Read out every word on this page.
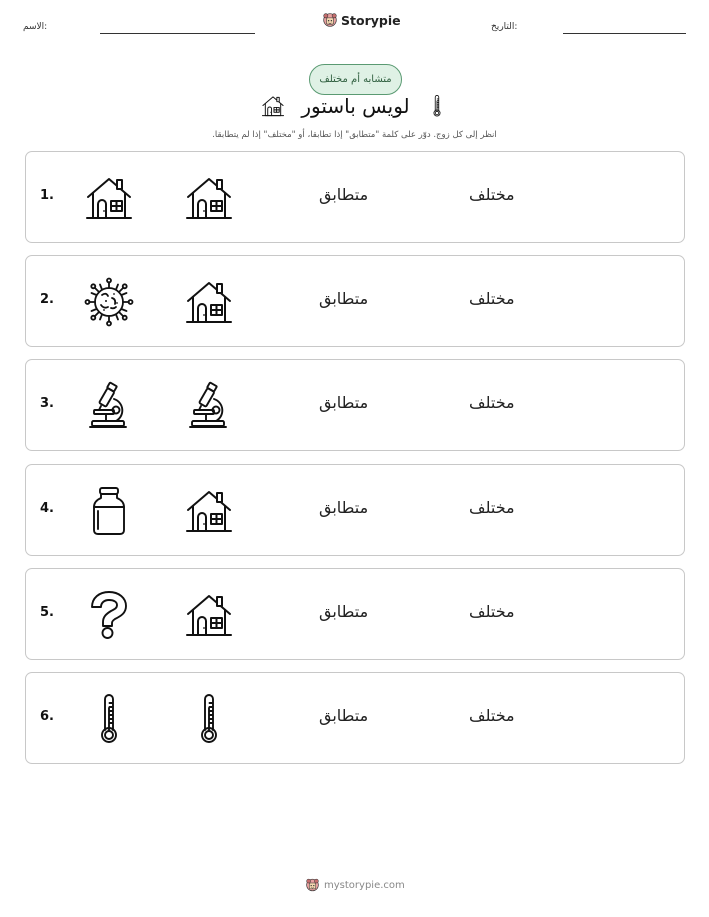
الاسم:	Storypie	التاريخ:
متشابه أم مختلف
لويس باستور
انظر إلى كل زوج. دوّر على كلمة "متطابق" إذا تطابقا، أو "مختلف" إذا لم يتطابقا.
1.	متطابق	مختلف
2.	متطابق	مختلف
3.	متطابق	مختلف
4.	متطابق	مختلف
5.	متطابق	مختلف
6.	متطابق	مختلف
mystorypie.com
